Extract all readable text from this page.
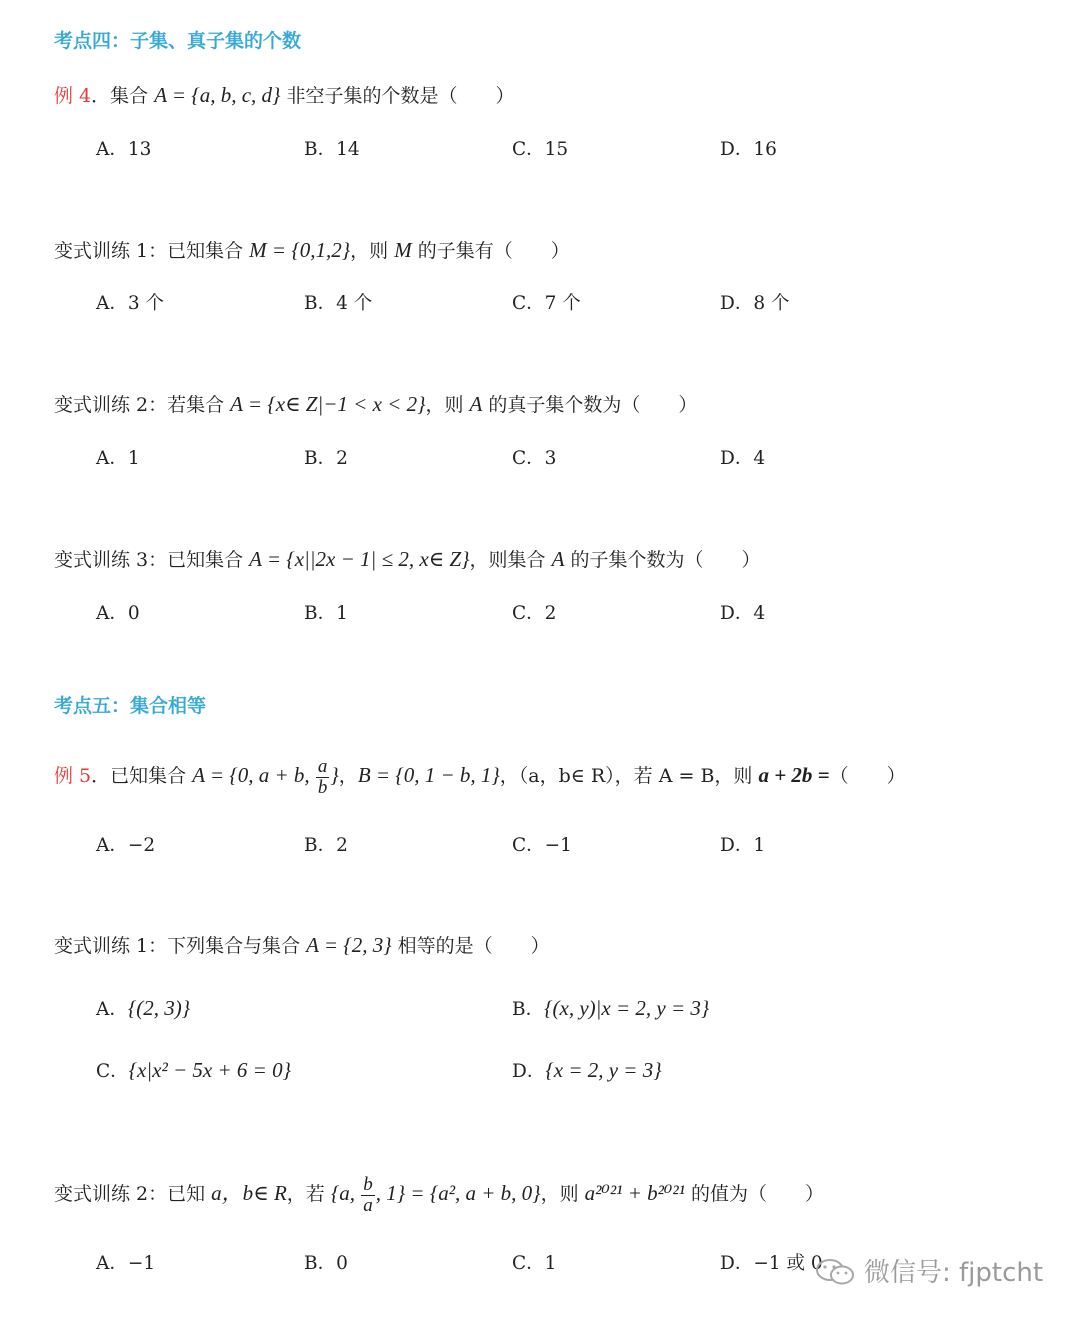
考点四：子集、真子集的个数
例 4．集合 A = {a, b, c, d} 非空子集的个数是（　　）
A．13	B．14	C．15	D．16
变式训练 1：已知集合 M = {0,1,2}，则 M 的子集有（　　）
A．3 个	B．4 个	C．7 个	D．8 个
变式训练 2：若集合 A = {x∈ Z|−1 < x < 2}，则 A 的真子集个数为（　　）
A．1	B．2	C．3	D．4
变式训练 3：已知集合 A = {x||2x − 1| ≤ 2, x∈ Z}，则集合 A 的子集个数为（　　）
A．0	B．1	C．2	D．4
考点五：集合相等
例 5．已知集合 A = {0, a + b, $\frac{a}{b}$ }，B = {0, 1 − b, 1}，（a，b∈ R），若 A = B，则 a + 2b =（　　）
A．−2	B．2	C．−1	D．1
变式训练 1：下列集合与集合 A = {2, 3} 相等的是（　　）
A．{(2, 3)}	B．{(x, y)|x = 2, y = 3}
C．{x|x² − 5x + 6 = 0}	D．{x = 2, y = 3}
变式训练 2：已知 a，b∈ R，若 {a, $\frac{b}{a}$ , 1} = {a², a + b, 0}，则 a²⁰²¹ + b²⁰²¹ 的值为（　　）
A．−1	B．0	C．1	D．−1 或 0	微信号: fjptcht
